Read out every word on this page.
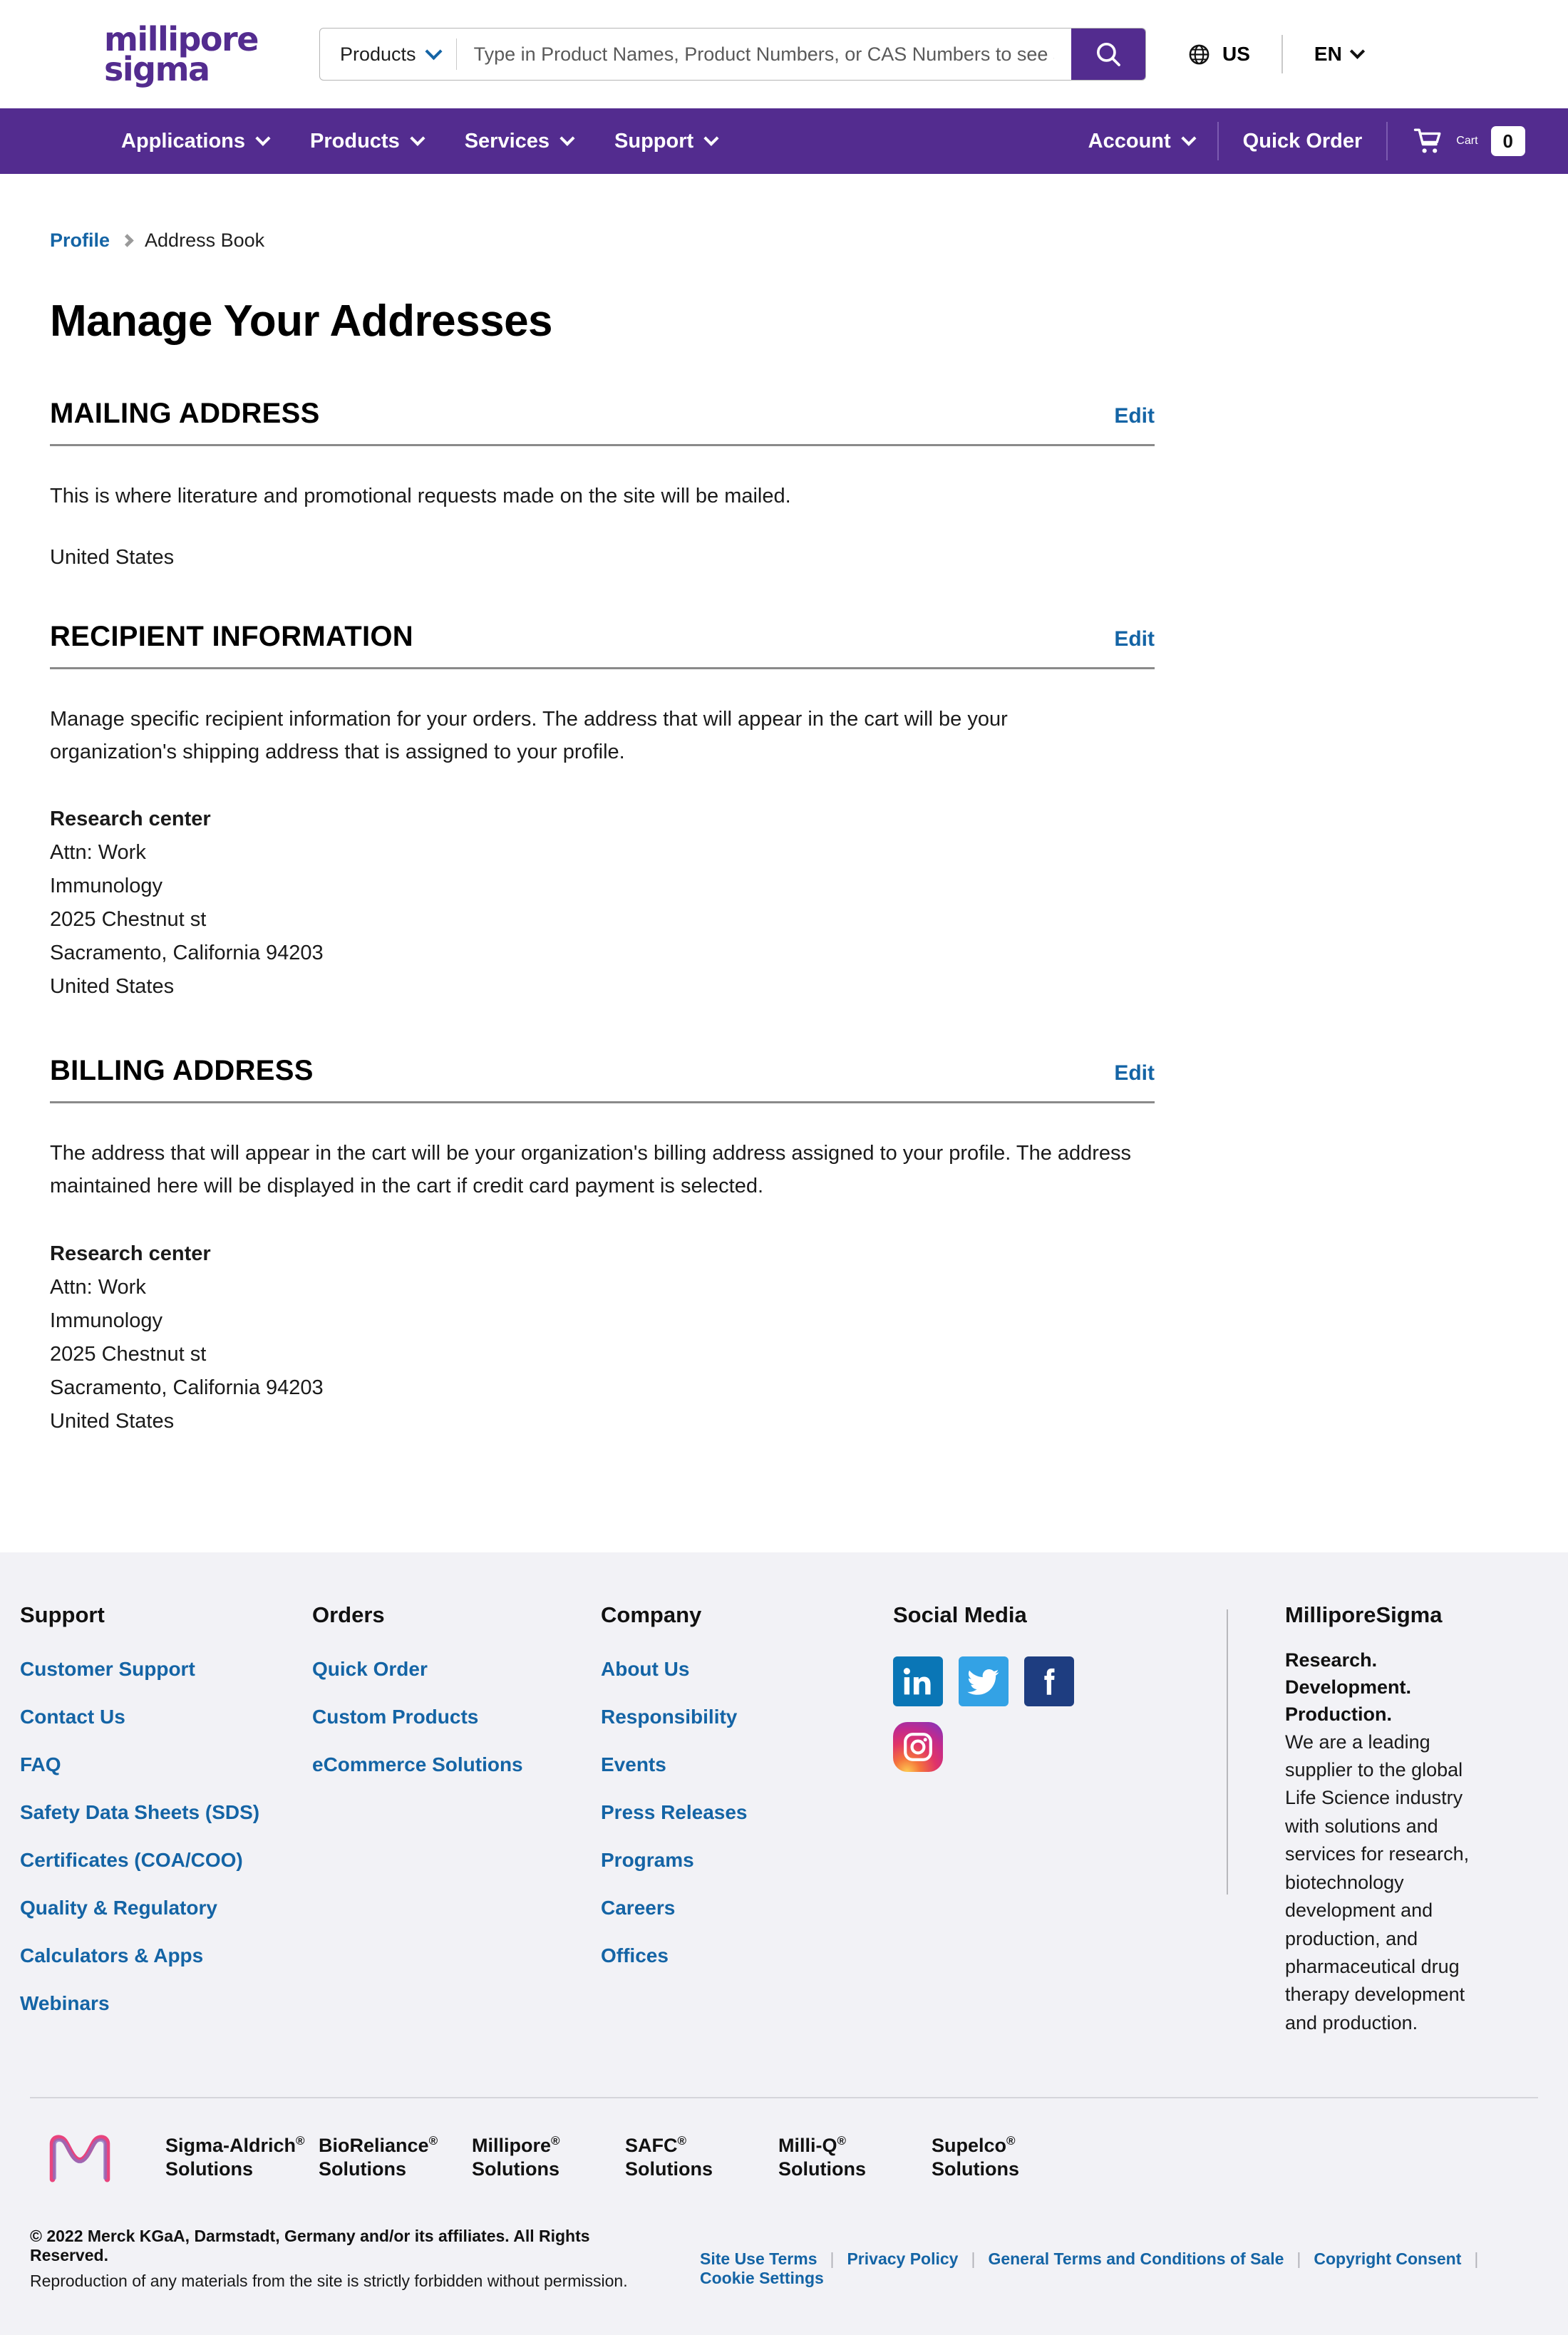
millipore
sigma	Products
Type in Product Names, Product Numbers, or CAS Numbers to see suggest	US	EN
Applications	Products	Services	Support	Account	Quick Order	Cart	0
Profile Address Book
Manage Your Addresses
MAILING ADDRESS	Edit
This is where literature and promotional requests made on the site will be mailed.
United States
RECIPIENT INFORMATION	Edit
Manage specific recipient information for your orders. The address that will appear in the cart will be your organization's shipping address that is assigned to your profile.
Research center
Attn: Work
Immunology
2025 Chestnut st
Sacramento, California 94203
United States
BILLING ADDRESS	Edit
The address that will appear in the cart will be your organization's billing address assigned to your profile. The address maintained here will be displayed in the cart if credit card payment is selected.
Research center
Attn: Work
Immunology
2025 Chestnut st
Sacramento, California 94203
United States
Support
Customer Support
Contact Us
FAQ
Safety Data Sheets (SDS)
Certificates (COA/COO)
Quality & Regulatory
Calculators & Apps
Webinars
Orders
Quick Order
Custom Products
eCommerce Solutions
Company
About Us
Responsibility
Events
Press Releases
Programs
Careers
Offices
Social Media	MilliporeSigma
Research. Development. Production.
We are a leading supplier to the global Life Science industry with solutions and services for research, biotechnology development and production, and pharmaceutical drug therapy development and production.
Sigma-Aldrich®
Solutions
BioReliance®
Solutions
Millipore®
Solutions
SAFC®
Solutions
Milli-Q®
Solutions
Supelco®
Solutions
© 2022 Merck KGaA, Darmstadt, Germany and/or its affiliates. All Rights Reserved.
Reproduction of any materials from the site is strictly forbidden without permission.
Site Use Terms | Privacy Policy | General Terms and Conditions of Sale | Copyright Consent |
Cookie Settings
